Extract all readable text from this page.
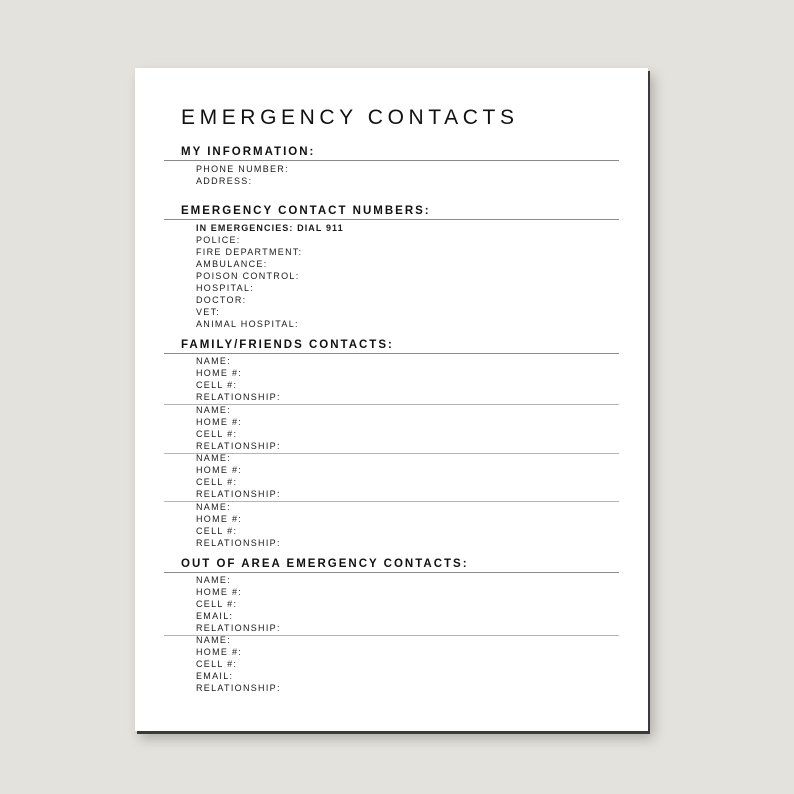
EMERGENCY CONTACTS
MY INFORMATION:
PHONE NUMBER:
ADDRESS:
EMERGENCY CONTACT NUMBERS:
IN EMERGENCIES: DIAL 911
POLICE:
FIRE DEPARTMENT:
AMBULANCE:
POISON CONTROL:
HOSPITAL:
DOCTOR:
VET:
ANIMAL HOSPITAL:
FAMILY/FRIENDS CONTACTS:
NAME:
HOME #:
CELL #:
RELATIONSHIP:
NAME:
HOME #:
CELL #:
RELATIONSHIP:
NAME:
HOME #:
CELL #:
RELATIONSHIP:
NAME:
HOME #:
CELL #:
RELATIONSHIP:
OUT OF AREA EMERGENCY CONTACTS:
NAME:
HOME #:
CELL #:
EMAIL:
RELATIONSHIP:
NAME:
HOME #:
CELL #:
EMAIL:
RELATIONSHIP:
